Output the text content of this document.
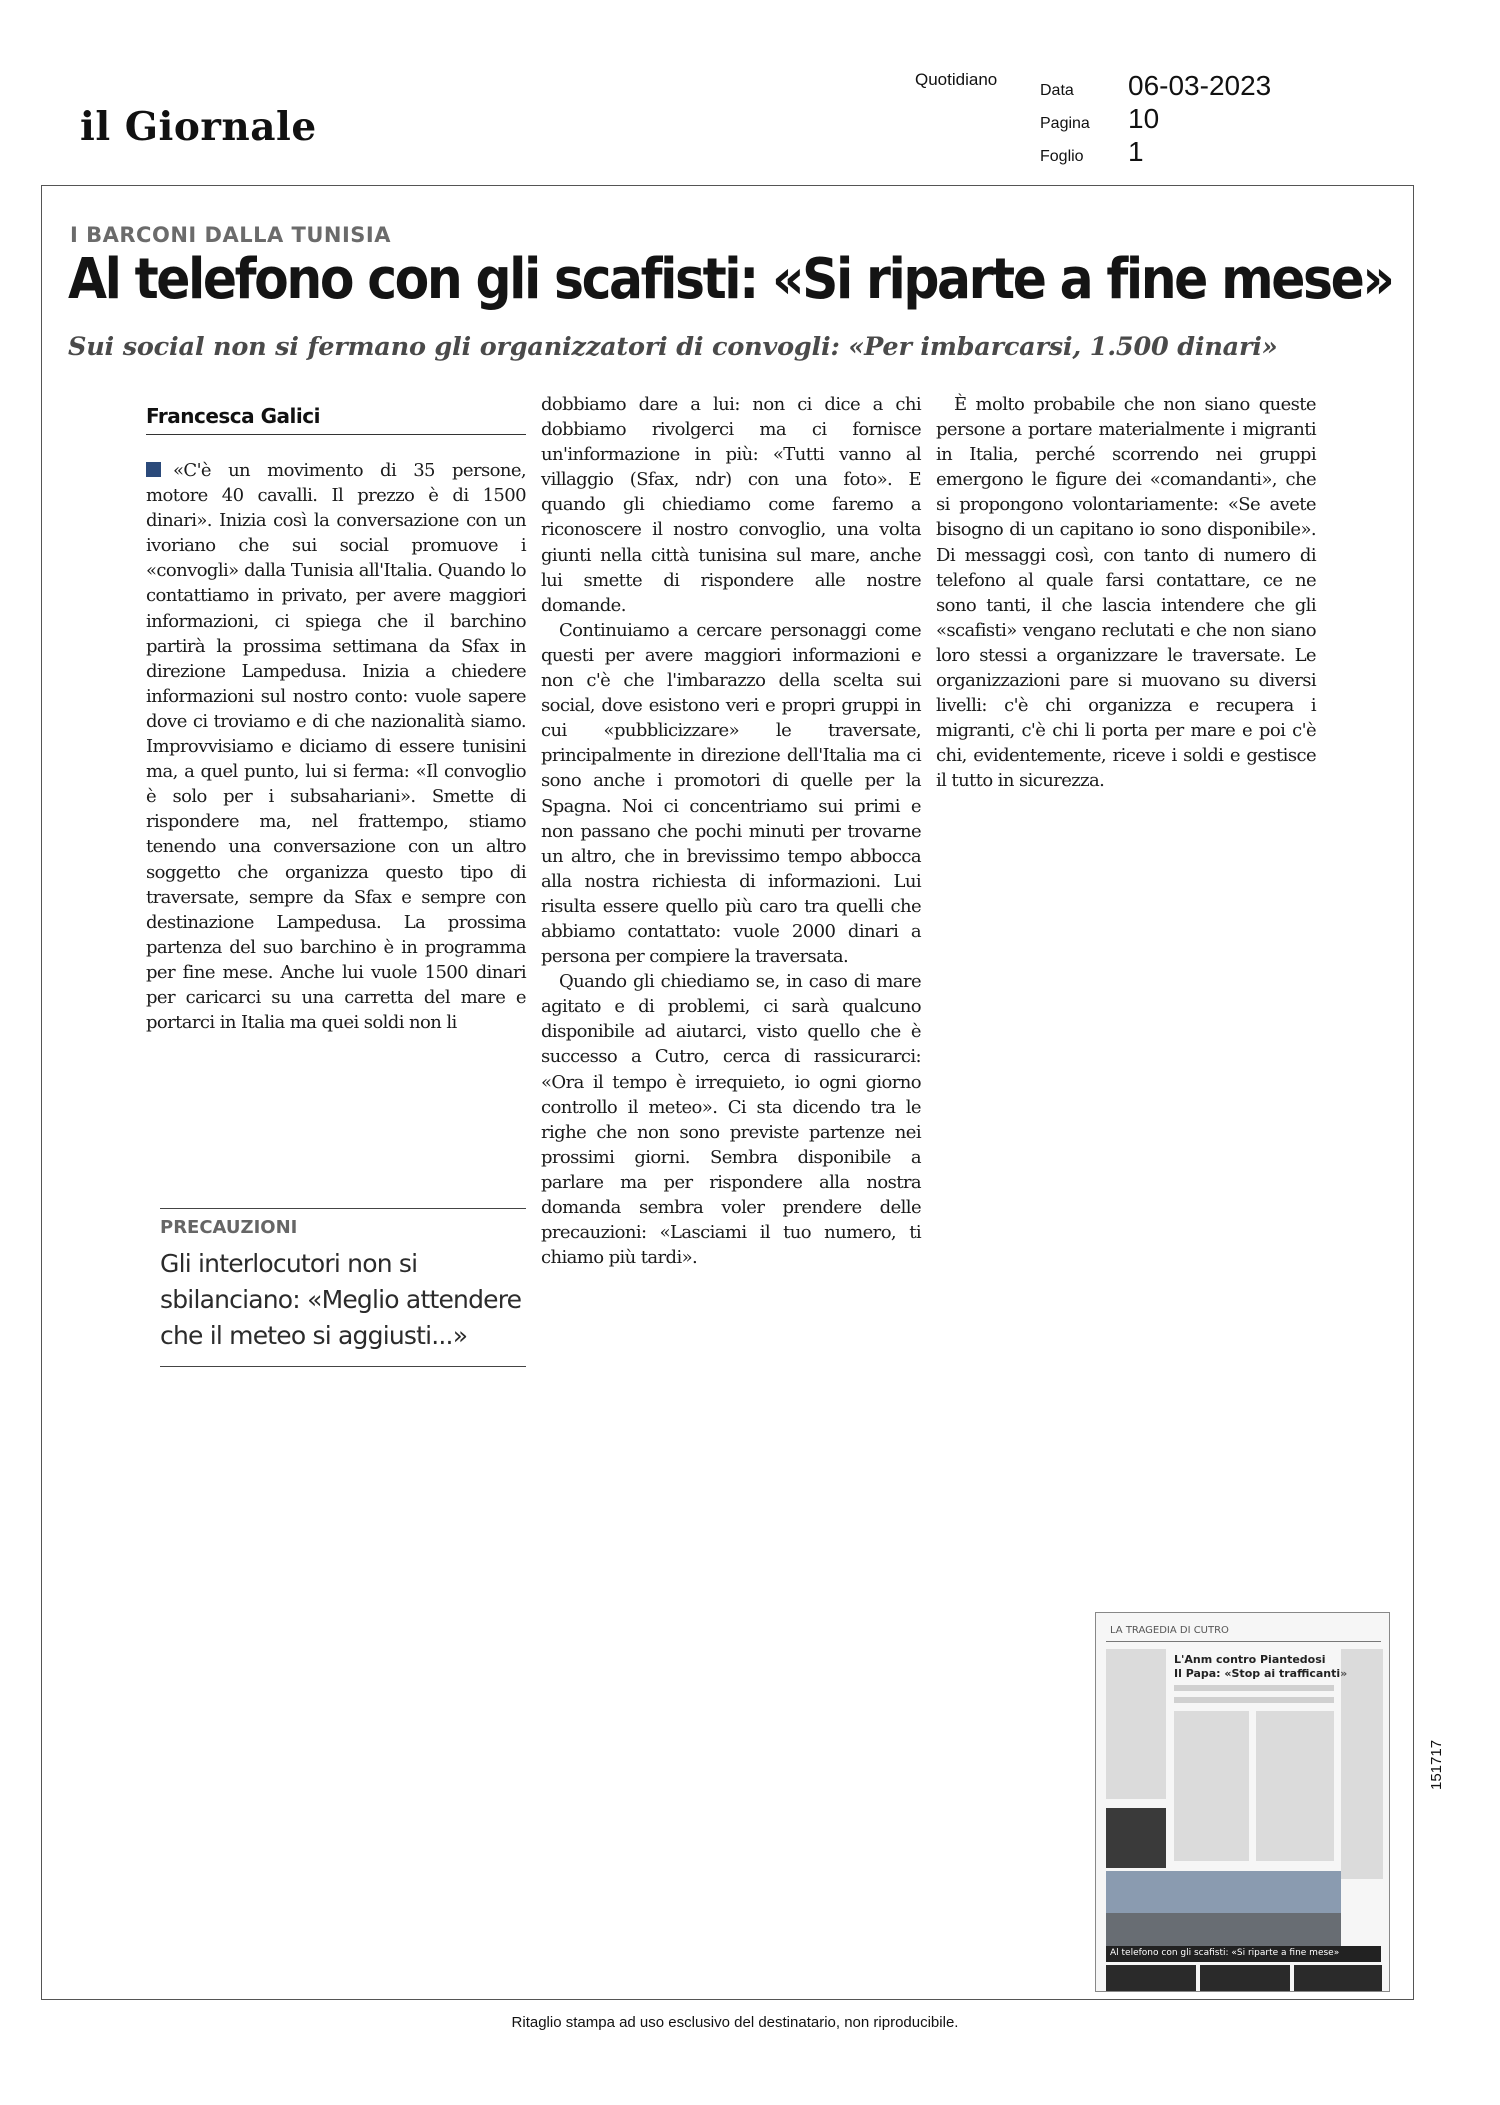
il Giornale
Quotidiano
Data 06-03-2023
Pagina 10
Foglio 1
I BARCONI DALLA TUNISIA
Al telefono con gli scafisti: «Si riparte a fine mese»
Sui social non si fermano gli organizzatori di convogli: «Per imbarcarsi, 1.500 dinari»
Francesca Galici

«C'è un movimento di 35 persone, motore 40 cavalli. Il prezzo è di 1500 dinari». Inizia così la conversazione con un ivoriano che sui social promuove i «convogli» dalla Tunisia all'Italia. Quando lo contattiamo in privato, per avere maggiori informazioni, ci spiega che il barchino partirà la prossima settimana da Sfax in direzione Lampedusa. Inizia a chiedere informazioni sul nostro conto: vuole sapere dove ci troviamo e di che nazionalità siamo. Improvvisiamo e diciamo di essere tunisini ma, a quel punto, lui si ferma: «Il convoglio è solo per i subsahariani». Smette di rispondere ma, nel frattempo, stiamo tenendo una conversazione con un altro soggetto che organizza questo tipo di traversate, sempre da Sfax e sempre con destinazione Lampedusa. La prossima partenza del suo barchino è in programma per fine mese. Anche lui vuole 1500 dinari per caricarci su una carretta del mare e portarci in Italia ma quei soldi non li

dobbiamo dare a lui: non ci dice a chi dobbiamo rivolgerci ma ci fornisce un'informazione in più: «Tutti vanno al villaggio (Sfax, ndr) con una foto». E quando gli chiediamo come faremo a riconoscere il nostro convoglio, una volta giunti nella città tunisina sul mare, anche lui smette di rispondere alle nostre domande.

Continuiamo a cercare personaggi come questi per avere maggiori informazioni e non c'è che l'imbarazzo della scelta sui social, dove esistono veri e propri gruppi in cui «pubblicizzare» le traversate, principalmente in direzione dell'Italia ma ci sono anche i promotori di quelle per la Spagna. Noi ci concentriamo sui primi e non passano che pochi minuti per trovarne un altro, che in brevissimo tempo abbocca alla nostra richiesta di informazioni. Lui risulta essere quello più caro tra quelli che abbiamo contattato: vuole 2000 dinari a persona per compiere la traversata.

Quando gli chiediamo se, in caso di mare agitato e di problemi, ci sarà qualcuno disponibile ad aiutarci, visto quello che è successo a Cutro, cerca di rassicurarci: «Ora il tempo è irrequieto, io ogni giorno controllo il meteo». Ci sta dicendo tra le righe che non sono previste partenze nei prossimi giorni. Sembra disponibile a parlare ma per rispondere alla nostra domanda sembra voler prendere delle precauzioni: «Lasciami il tuo numero, ti chiamo più tardi».

È molto probabile che non siano queste persone a portare materialmente i migranti in Italia, perché scorrendo nei gruppi emergono le figure dei «comandanti», che si propongono volontariamente: «Se avete bisogno di un capitano io sono disponibile». Di messaggi così, con tanto di numero di telefono al quale farsi contattare, ce ne sono tanti, il che lascia intendere che gli «scafisti» vengano reclutati e che non siano loro stessi a organizzare le traversate. Le organizzazioni pare si muovano su diversi livelli: c'è chi organizza e recupera i migranti, c'è chi li porta per mare e poi c'è chi, evidentemente, riceve i soldi e gestisce il tutto in sicurezza.

PRECAUZIONI
Gli interlocutori non si sbilanciano: «Meglio attendere che il meteo si aggiusti...»
LA TRAGEDIA DI CUTRO
L'Anm contro Piantedosi
Il Papa: «Stop ai trafficanti»
Al telefono con gli scafisti: «Si riparte a fine mese»
151717
Ritaglio stampa ad uso esclusivo del destinatario, non riproducibile.
